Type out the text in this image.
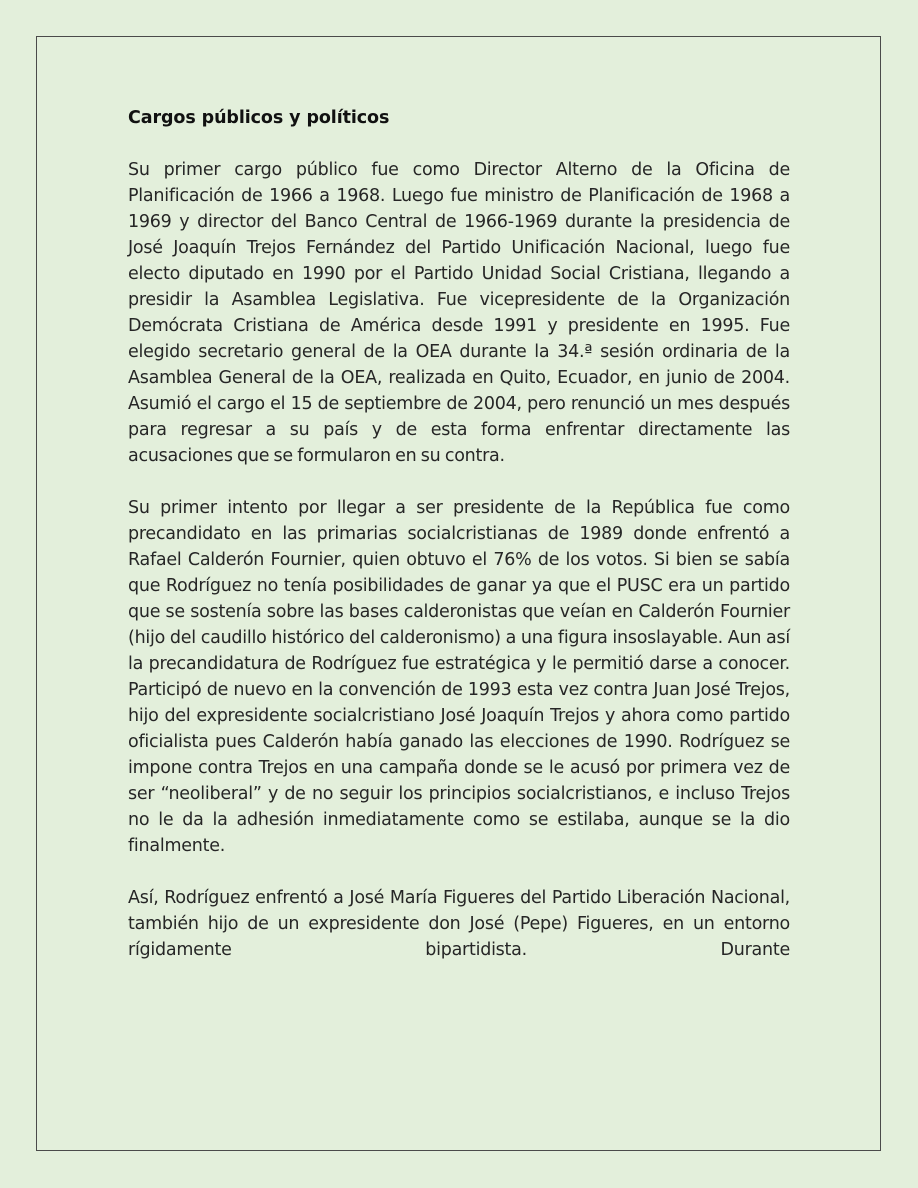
Cargos públicos y políticos

Su primer cargo público fue como Director Alterno de la Oficina de Planificación de 1966 a 1968. Luego fue ministro de Planificación de 1968 a 1969 y director del Banco Central de 1966-1969 durante la presidencia de José Joaquín Trejos Fernández del Partido Unificación Nacional, luego fue electo diputado en 1990 por el Partido Unidad Social Cristiana, llegando a presidir la Asamblea Legislativa. Fue vicepresidente de la Organización Demócrata Cristiana de América desde 1991 y presidente en 1995. Fue elegido secretario general de la OEA durante la 34.ª sesión ordinaria de la Asamblea General de la OEA, realizada en Quito, Ecuador, en junio de 2004. Asumió el cargo el 15 de septiembre de 2004, pero renunció un mes después para regresar a su país y de esta forma enfrentar directamente las acusaciones que se formularon en su contra.

Su primer intento por llegar a ser presidente de la República fue como precandidato en las primarias socialcristianas de 1989 donde enfrentó a Rafael Calderón Fournier, quien obtuvo el 76% de los votos. Si bien se sabía que Rodríguez no tenía posibilidades de ganar ya que el PUSC era un partido que se sostenía sobre las bases calderonistas que veían en Calderón Fournier (hijo del caudillo histórico del calderonismo) a una figura insoslayable. Aun así la precandidatura de Rodríguez fue estratégica y le permitió darse a conocer. Participó de nuevo en la convención de 1993 esta vez contra Juan José Trejos, hijo del expresidente socialcristiano José Joaquín Trejos y ahora como partido oficialista pues Calderón había ganado las elecciones de 1990. Rodríguez se impone contra Trejos en una campaña donde se le acusó por primera vez de ser “neoliberal” y de no seguir los principios socialcristianos, e incluso Trejos no le da la adhesión inmediatamente como se estilaba, aunque se la dio finalmente.

Así, Rodríguez enfrentó a José María Figueres del Partido Liberación Nacional, también hijo de un expresidente don José (Pepe) Figueres, en un entorno rígidamente bipartidista. Durante
